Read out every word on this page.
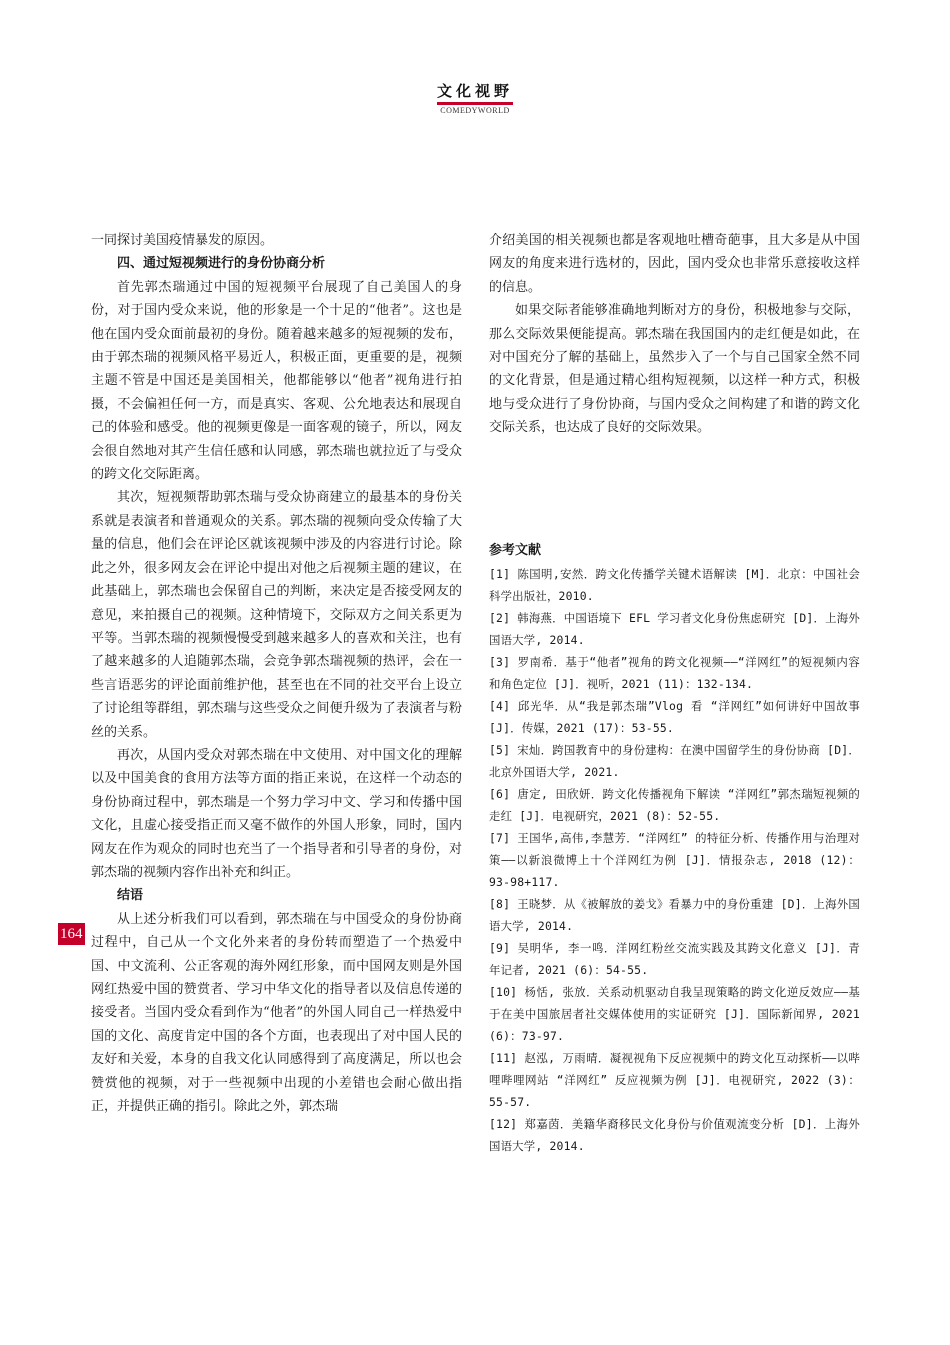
文化视野
COMEDYWORLD

一同探讨美国疫情暴发的原因。

四、通过短视频进行的身份协商分析

首先郭杰瑞通过中国的短视频平台展现了自己美国人的身份，对于国内受众来说，他的形象是一个十足的“他者”。这也是他在国内受众面前最初的身份。随着越来越多的短视频的发布，由于郭杰瑞的视频风格平易近人，积极正面，更重要的是，视频主题不管是中国还是美国相关，他都能够以“他者”视角进行拍摄，不会偏袒任何一方，而是真实、客观、公允地表达和展现自己的体验和感受。他的视频更像是一面客观的镜子，所以，网友会很自然地对其产生信任感和认同感，郭杰瑞也就拉近了与受众的跨文化交际距离。

其次，短视频帮助郭杰瑞与受众协商建立的最基本的身份关系就是表演者和普通观众的关系。郭杰瑞的视频向受众传输了大量的信息，他们会在评论区就该视频中涉及的内容进行讨论。除此之外，很多网友会在评论中提出对他之后视频主题的建议，在此基础上，郭杰瑞也会保留自己的判断，来决定是否接受网友的意见，来拍摄自己的视频。这种情境下，交际双方之间关系更为平等。当郭杰瑞的视频慢慢受到越来越多人的喜欢和关注，也有了越来越多的人追随郭杰瑞，会竞争郭杰瑞视频的热评，会在一些言语恶劣的评论面前维护他，甚至也在不同的社交平台上设立了讨论组等群组，郭杰瑞与这些受众之间便升级为了表演者与粉丝的关系。

再次，从国内受众对郭杰瑞在中文使用、对中国文化的理解以及中国美食的食用方法等方面的指正来说，在这样一个动态的身份协商过程中，郭杰瑞是一个努力学习中文、学习和传播中国文化，且虚心接受指正而又毫不做作的外国人形象，同时，国内网友在作为观众的同时也充当了一个指导者和引导者的身份，对郭杰瑞的视频内容作出补充和纠正。

结语

从上述分析我们可以看到，郭杰瑞在与中国受众的身份协商过程中，自己从一个文化外来者的身份转而塑造了一个热爱中国、中文流利、公正客观的海外网红形象，而中国网友则是外国网红热爱中国的赞赏者、学习中华文化的指导者以及信息传递的接受者。当国内受众看到作为“他者”的外国人同自己一样热爱中国的文化、高度肯定中国的各个方面，也表现出了对中国人民的友好和关爱，本身的自我文化认同感得到了高度满足，所以也会赞赏他的视频，对于一些视频中出现的小差错也会耐心做出指正，并提供正确的指引。除此之外，郭杰瑞

介绍美国的相关视频也都是客观地吐槽奇葩事，且大多是从中国网友的角度来进行选材的，因此，国内受众也非常乐意接收这样的信息。

如果交际者能够准确地判断对方的身份，积极地参与交际，那么交际效果便能提高。郭杰瑞在我国国内的走红便是如此，在对中国充分了解的基础上，虽然步入了一个与自己国家全然不同的文化背景，但是通过精心组构短视频，以这样一种方式，积极地与受众进行了身份协商，与国内受众之间构建了和谐的跨文化交际关系，也达成了良好的交际效果。

参考文献

[1] 陈国明,安然．跨文化传播学关键术语解读 [M]．北京：中国社会科学出版社，2010.

[2] 韩海燕．中国语境下 EFL 学习者文化身份焦虑研究 [D]．上海外国语大学, 2014.

[3] 罗南希．基于“他者”视角的跨文化视频——“洋网红”的短视频内容和角色定位 [J]．视听，2021 (11)：132-134.

[4] 邱光华．从“我是郭杰瑞”Vlog 看 “洋网红”如何讲好中国故事 [J]．传媒，2021 (17)：53-55.

[5] 宋灿．跨国教育中的身份建构：在澳中国留学生的身份协商 [D]．北京外国语大学, 2021.

[6] 唐定, 田欣妍．跨文化传播视角下解读 “洋网红”郭杰瑞短视频的走红 [J]．电视研究，2021 (8)：52-55.

[7] 王国华,高伟,李慧芳．“洋网红” 的特征分析、传播作用与治理对策——以新浪微博上十个洋网红为例 [J]．情报杂志, 2018 (12)：93-98+117.

[8] 王晓梦．从《被解放的姜戈》看暴力中的身份重建 [D]．上海外国语大学, 2014.

[9] 吴明华, 李一鸣．洋网红粉丝交流实践及其跨文化意义 [J]．青年记者, 2021 (6)：54-55.

[10] 杨恬, 张放．关系动机驱动自我呈现策略的跨文化逆反效应——基于在美中国旅居者社交媒体使用的实证研究 [J]．国际新闻界, 2021 (6)：73-97.

[11] 赵泓, 万雨晴．凝视视角下反应视频中的跨文化互动探析——以哔哩哔哩网站 “洋网红” 反应视频为例 [J]．电视研究, 2022 (3)：55-57.

[12] 郑嘉茵．美籍华裔移民文化身份与价值观流变分析 [D]．上海外国语大学, 2014.

164
